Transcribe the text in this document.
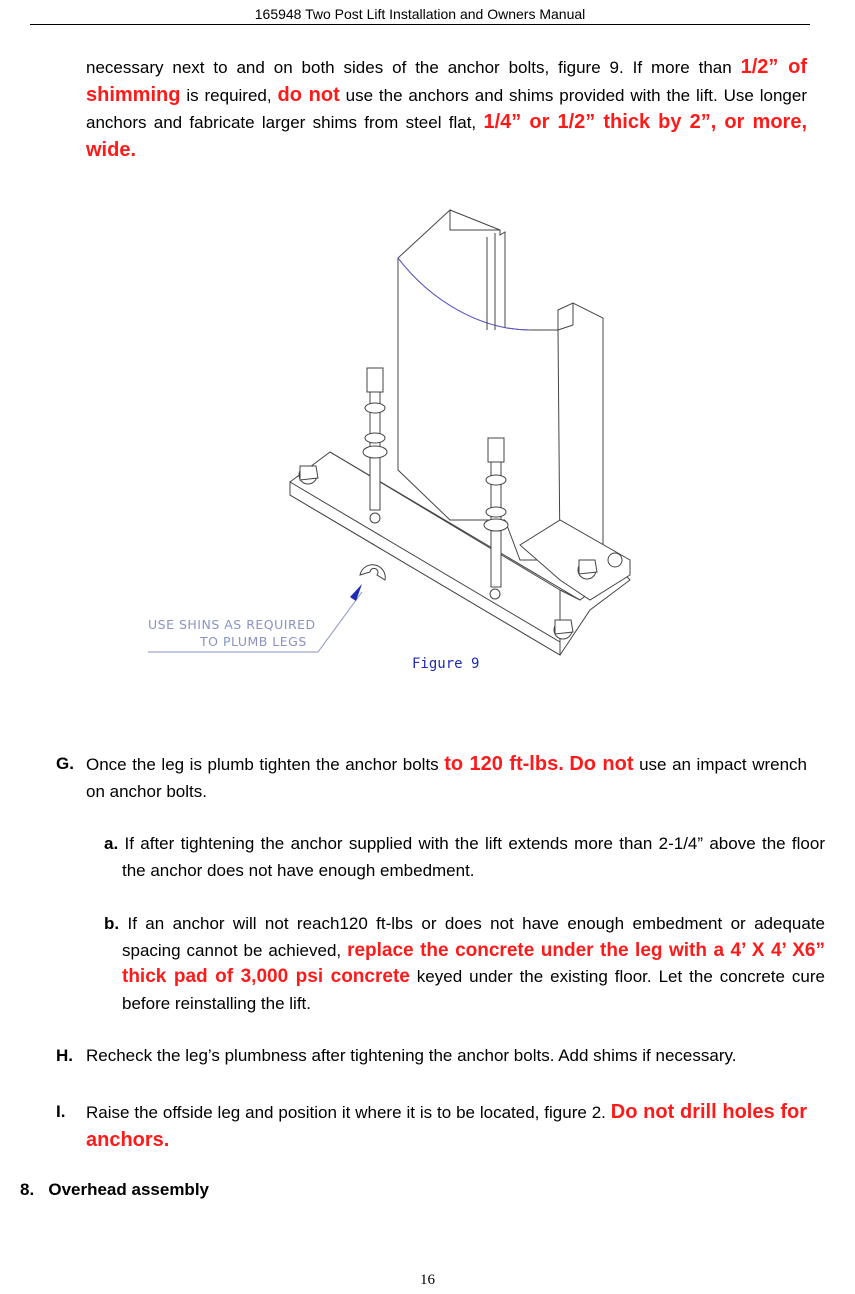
165948 Two Post Lift Installation and Owners Manual

necessary next to and on both sides of the anchor bolts, figure 9. If more than 1/2” of shimming is required, do not use the anchors and shims provided with the lift. Use longer anchors and fabricate larger shims from steel flat, 1/4” or 1/2” thick by 2”, or more, wide.

USE SHINS AS REQUIRED
TO PLUMB LEGS
Figure 9
G. Once the leg is plumb tighten the anchor bolts to 120 ft-lbs. Do not use an impact wrench on anchor bolts.

a. If after tightening the anchor supplied with the lift extends more than 2-1/4” above the floor the anchor does not have enough embedment.

b. If an anchor will not reach120 ft-lbs or does not have enough embedment or adequate spacing cannot be achieved, replace the concrete under the leg with a 4’ X 4’ X6” thick pad of 3,000 psi concrete keyed under the existing floor. Let the concrete cure before reinstalling the lift.

H. Recheck the leg’s plumbness after tightening the anchor bolts. Add shims if necessary.

I. Raise the offside leg and position it where it is to be located, figure 2. Do not drill holes for anchors.

8.   Overhead assembly
16
